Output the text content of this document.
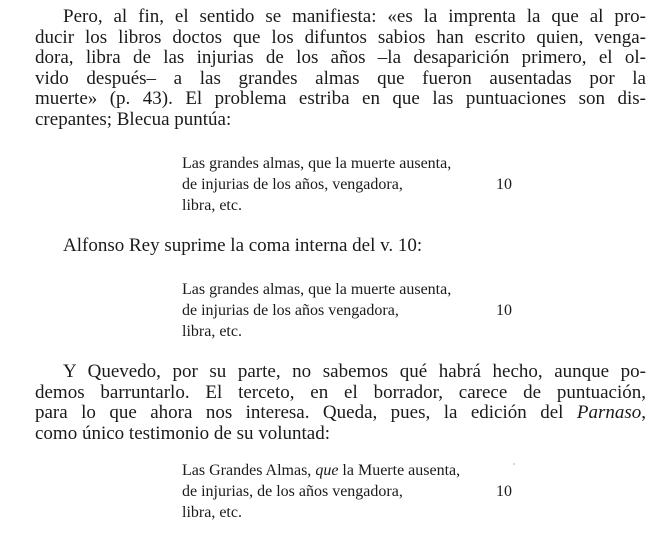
Pero, al fin, el sentido se manifiesta: «es la imprenta la que al pro-
ducir los libros doctos que los difuntos sabios han escrito quien, venga-
dora, libra de las injurias de los años –la desaparición primero, el ol-
vido después– a las grandes almas que fueron ausentadas por la
muerte» (p. 43). El problema estriba en que las puntuaciones son dis-
crepantes; Blecua puntúa:
Las grandes almas, que la muerte ausenta,
de injurias de los años, vengadora,	10
libra, etc.
Alfonso Rey suprime la coma interna del v. 10:
Las grandes almas, que la muerte ausenta,
de injurias de los años vengadora,	10
libra, etc.
Y Quevedo, por su parte, no sabemos qué habrá hecho, aunque po-
demos barruntarlo. El terceto, en el borrador, carece de puntuación,
para lo que ahora nos interesa. Queda, pues, la edición del Parnaso,
como único testimonio de su voluntad:
Las Grandes Almas, que la Muerte ausenta,
de injurias, de los años vengadora,	10
libra, etc.
